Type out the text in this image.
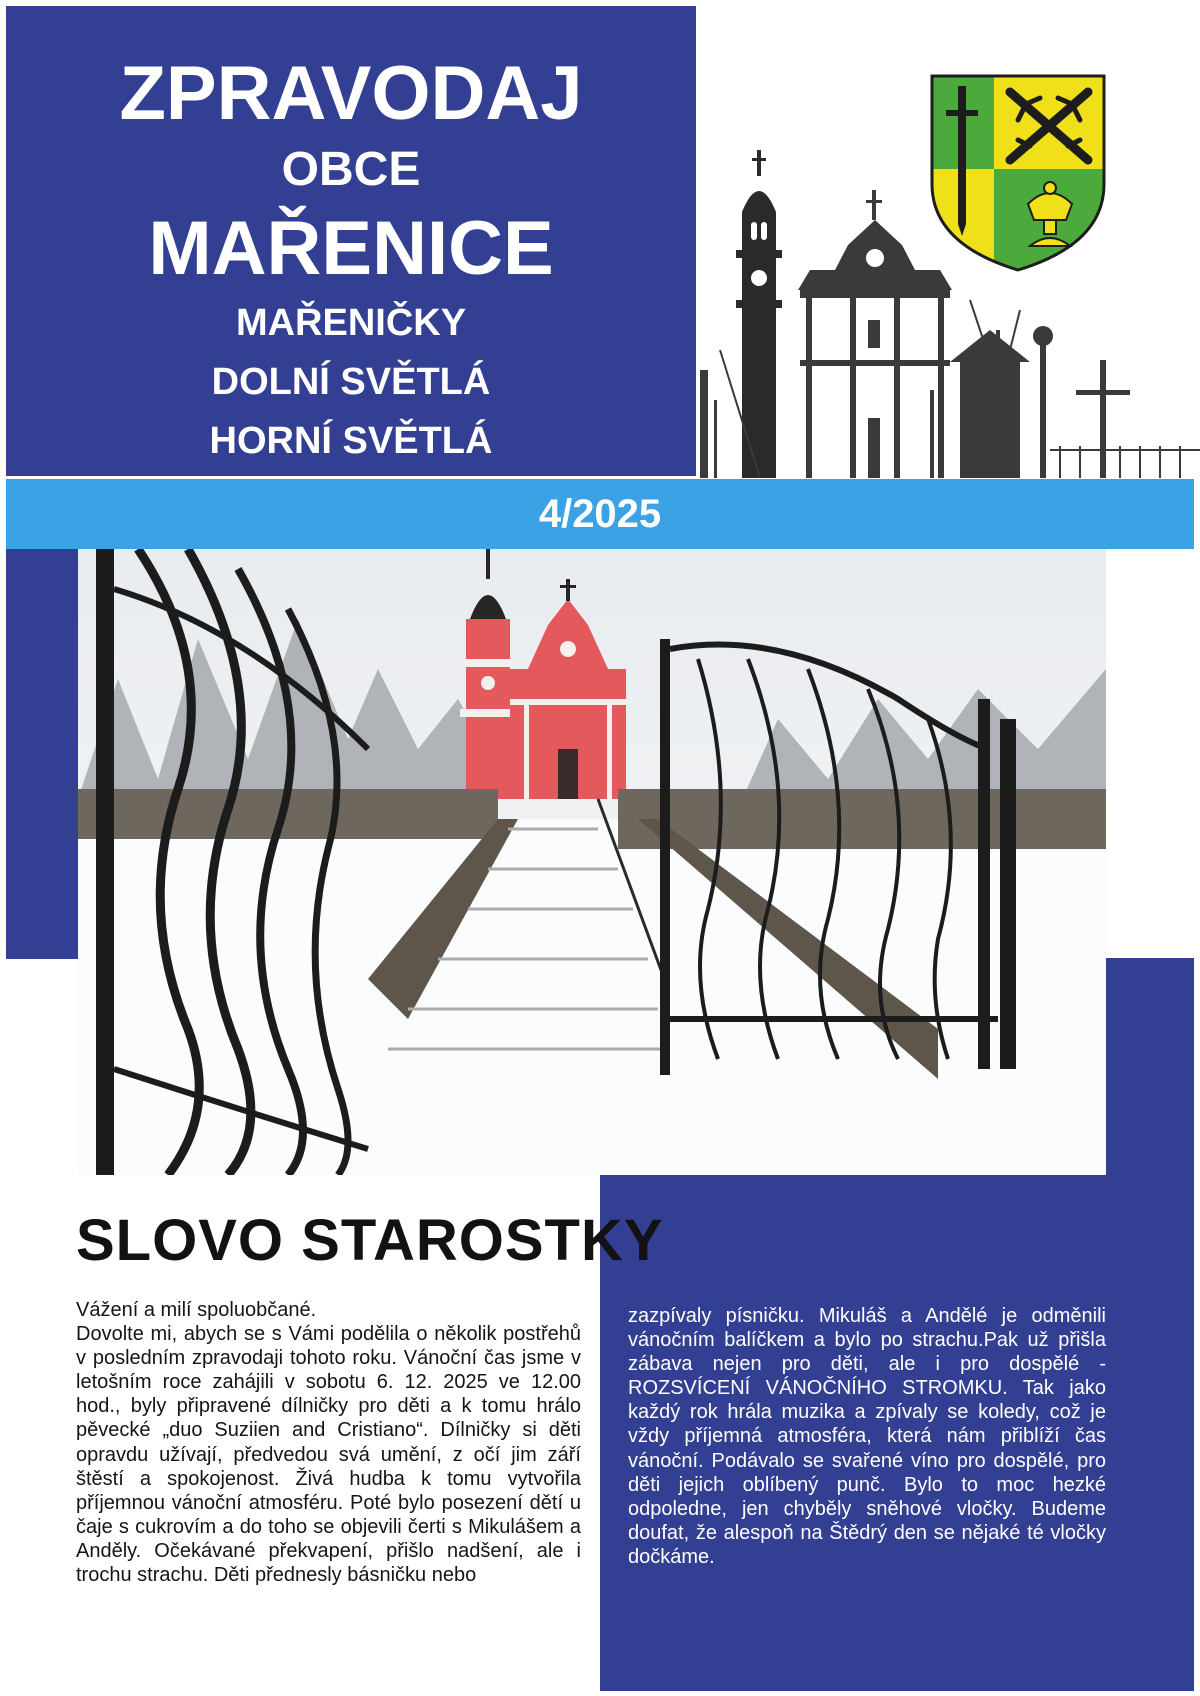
ZPRAVODAJ
OBCE
MAŘENICE
MAŘENIČKY
DOLNÍ SVĚTLÁ
HORNÍ SVĚTLÁ
4/2025
SLOVO STAROSTKY

Vážení a milí spoluobčané.

Dovolte mi, abych se s Vámi podělila o několik postřehů v posledním zpravodaji tohoto roku. Vánoční čas jsme v letošním roce zahájili v sobotu 6. 12. 2025 ve 12.00 hod., byly připravené dílničky pro děti a k tomu hrálo pěvecké „duo Suziien and Cristiano“. Dílničky si děti opravdu užívají, předvedou svá umění, z očí jim září štěstí a spokojenost. Živá hudba k tomu vytvořila příjemnou vánoční atmosféru. Poté bylo posezení dětí u čaje s cukrovím a do toho se objevili čerti s Mikulášem a Anděly. Očekávané překvapení, přišlo nadšení, ale i trochu strachu. Děti přednesly básničku nebo

zazpívaly písničku. Mikuláš a Andělé je odměnili vánočním balíčkem a bylo po strachu.Pak už přišla zábava nejen pro děti, ale i pro dospělé - ROZSVÍCENÍ VÁNOČNÍHO STROMKU. Tak jako každý rok hrála muzika a zpívaly se koledy, což je vždy příjemná atmosféra, která nám přiblíží čas vánoční. Podávalo se svařené víno pro dospělé, pro děti jejich oblíbený punč. Bylo to moc hezké odpoledne, jen chyběly sněhové vločky. Budeme doufat, že alespoň na Štědrý den se nějaké té vločky dočkáme.
